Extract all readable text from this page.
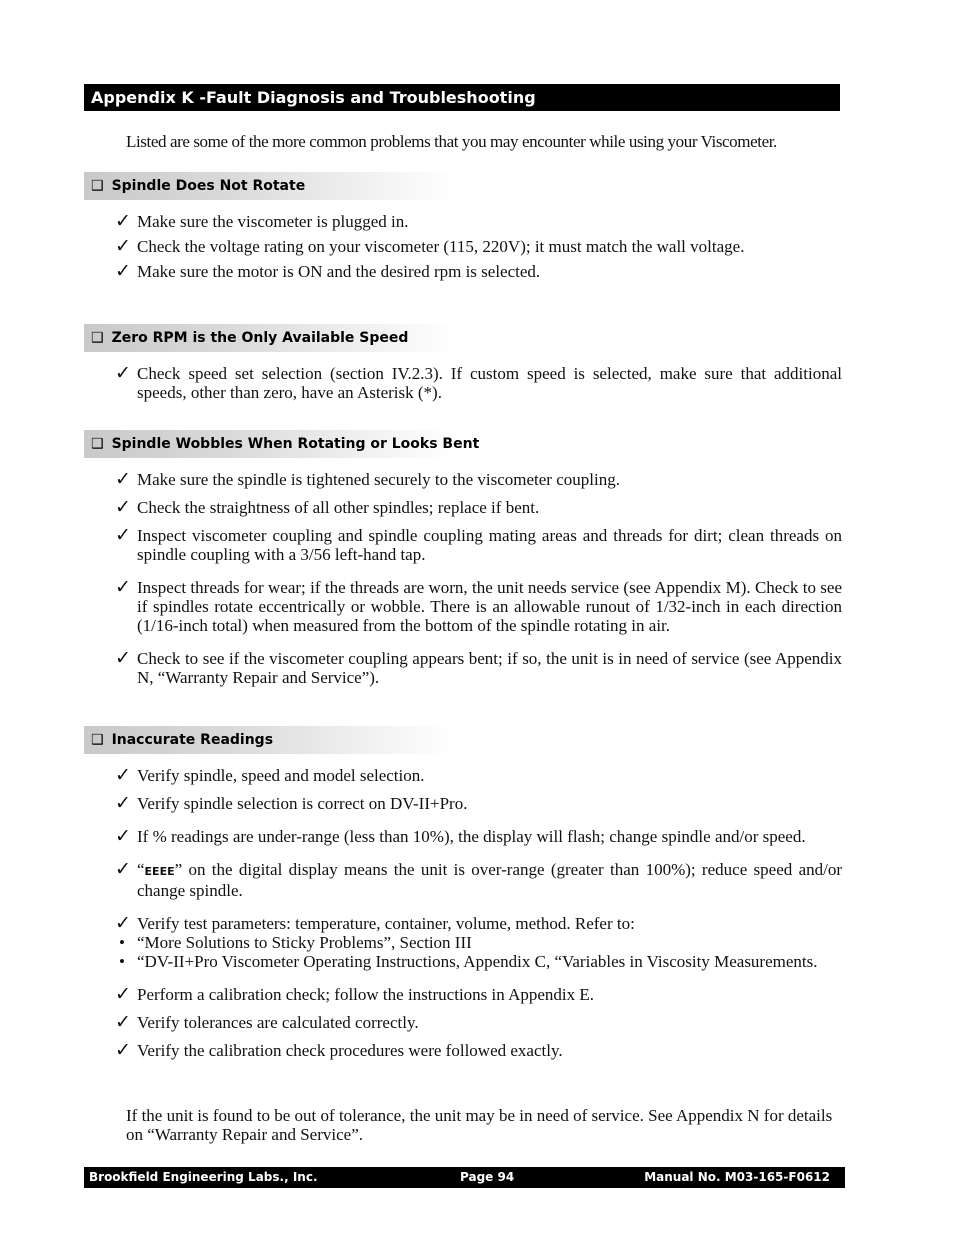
Appendix K -Fault Diagnosis and Troubleshooting
Listed are some of the more common problems that you may encounter while using your Viscometer.
❑ Spindle Does Not Rotate
✓ Make sure the viscometer is plugged in.
✓ Check the voltage rating on your viscometer (115, 220V); it must match the wall voltage.
✓ Make sure the motor is ON and the desired rpm is selected.
❑ Zero RPM is the Only Available Speed
✓ Check speed set selection (section IV.2.3). If custom speed is selected, make sure that additional speeds, other than zero, have an Asterisk (*).
❑ Spindle Wobbles When Rotating or Looks Bent
✓ Make sure the spindle is tightened securely to the viscometer coupling.
✓ Check the straightness of all other spindles; replace if bent.
✓ Inspect viscometer coupling and spindle coupling mating areas and threads for dirt; clean threads on spindle coupling with a 3/56 left-hand tap.
✓ Inspect threads for wear; if the threads are worn, the unit needs service (see Appendix M). Check to see if spindles rotate eccentrically or wobble. There is an allowable runout of 1/32-inch in each direction (1/16-inch total) when measured from the bottom of the spindle rotating in air.
✓ Check to see if the viscometer coupling appears bent; if so, the unit is in need of service (see Appendix N, “Warranty Repair and Service”).
❑ Inaccurate Readings
✓ Verify spindle, speed and model selection.
✓ Verify spindle selection is correct on DV-II+Pro.
✓ If % readings are under-range (less than 10%), the display will flash; change spindle and/or speed.
✓ “EEEE” on the digital display means the unit is over-range (greater than 100%); reduce speed and/or change spindle.
✓ Verify test parameters: temperature, container, volume, method. Refer to:
• “More Solutions to Sticky Problems”, Section III
• “DV-II+Pro Viscometer Operating Instructions, Appendix C, “Variables in Viscosity Measurements.
✓ Perform a calibration check; follow the instructions in Appendix E.
✓ Verify tolerances are calculated correctly.
✓ Verify the calibration check procedures were followed exactly.
If the unit is found to be out of tolerance, the unit may be in need of service. See Appendix N for details on “Warranty Repair and Service”.
Brookfield Engineering Labs., Inc.	Page 94	Manual No. M03-165-F0612
